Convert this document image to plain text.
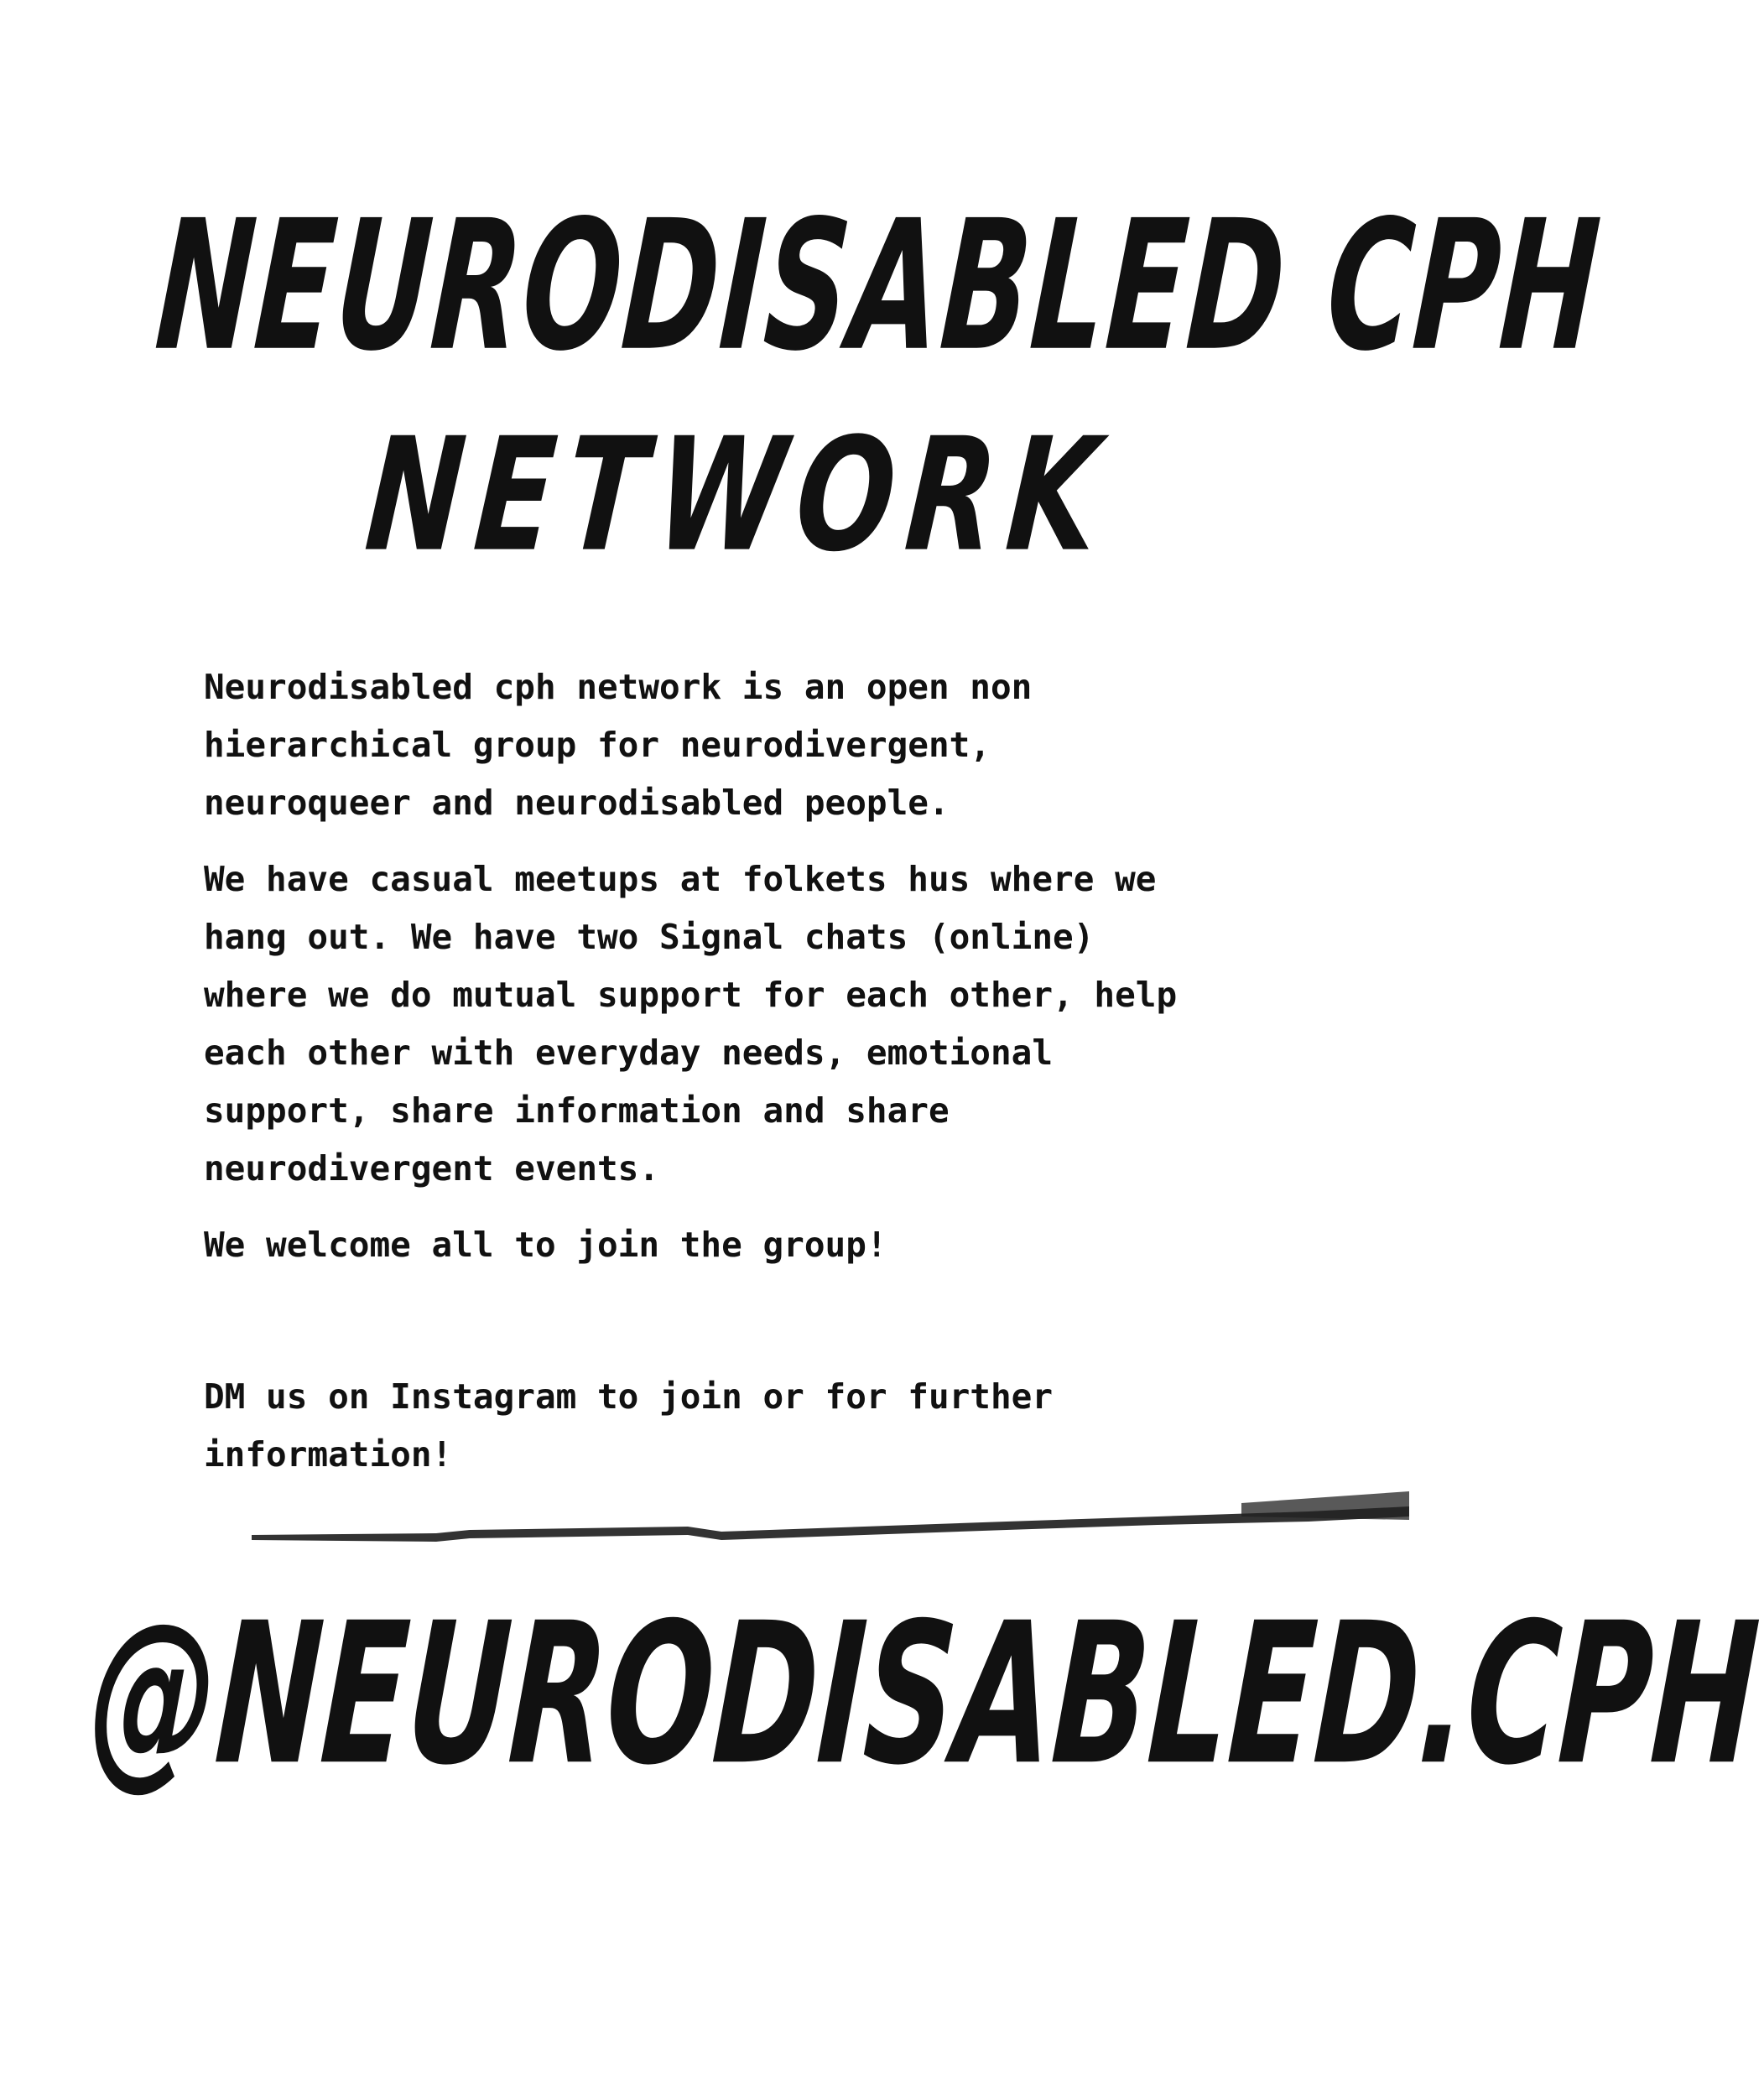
NEURODISABLED CPH
NETWORK

Neurodisabled cph network is an open non
hierarchical group for neurodivergent,
neuroqueer and neurodisabled people.

We have casual meetups at folkets hus where we
hang out. We have two Signal chats (online)
where we do mutual support for each other, help
each other with everyday needs, emotional
support, share information and share
neurodivergent events.

We welcome all to join the group!

DM us on Instagram to join or for further
information!

@NEURODISABLED.CPH
